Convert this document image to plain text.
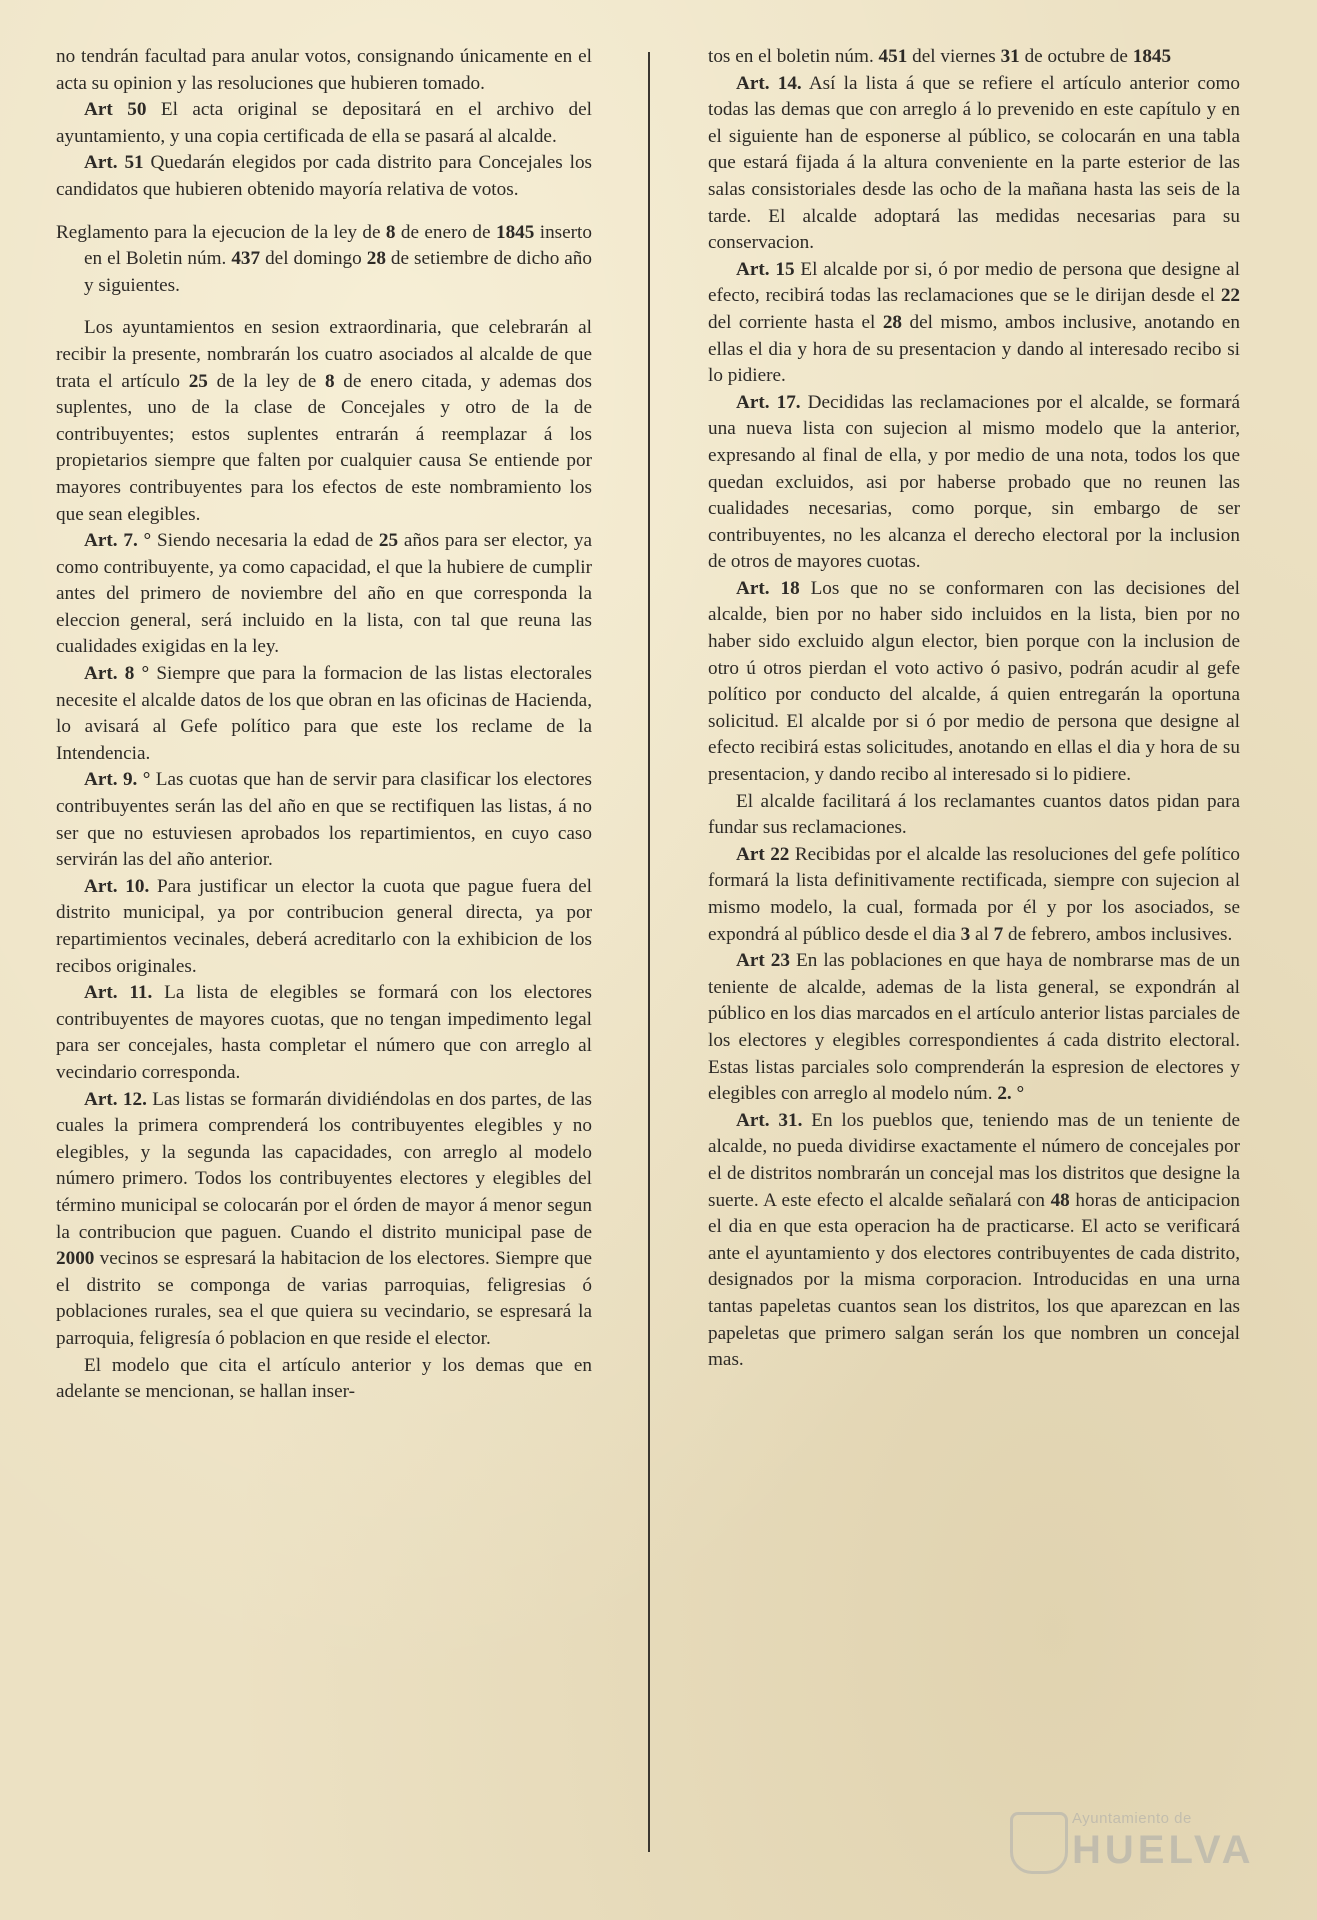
no tendrán facultad para anular votos, consignando únicamente en el acta su opinion y las resoluciones que hubieren tomado.

Art 50 El acta original se depositará en el archivo del ayuntamiento, y una copia certificada de ella se pasará al alcalde.

Art. 51 Quedarán elegidos por cada distrito para Concejales los candidatos que hubieren obtenido mayoría relativa de votos.

Reglamento para la ejecucion de la ley de 8 de enero de 1845 inserto en el Boletin núm. 437 del domingo 28 de setiembre de dicho año y siguientes.

Los ayuntamientos en sesion extraordinaria, que celebrarán al recibir la presente, nombrarán los cuatro asociados al alcalde de que trata el artículo 25 de la ley de 8 de enero citada, y ademas dos suplentes, uno de la clase de Concejales y otro de la de contribuyentes; estos suplentes entrarán á reemplazar á los propietarios siempre que falten por cualquier causa Se entiende por mayores contribuyentes para los efectos de este nombramiento los que sean elegibles.

Art. 7. ° Siendo necesaria la edad de 25 años para ser elector, ya como contribuyente, ya como capacidad, el que la hubiere de cumplir antes del primero de noviembre del año en que corresponda la eleccion general, será incluido en la lista, con tal que reuna las cualidades exigidas en la ley.

Art. 8 ° Siempre que para la formacion de las listas electorales necesite el alcalde datos de los que obran en las oficinas de Hacienda, lo avisará al Gefe político para que este los reclame de la Intendencia.

Art. 9. ° Las cuotas que han de servir para clasificar los electores contribuyentes serán las del año en que se rectifiquen las listas, á no ser que no estuviesen aprobados los repartimientos, en cuyo caso servirán las del año anterior.

Art. 10. Para justificar un elector la cuota que pague fuera del distrito municipal, ya por contribucion general directa, ya por repartimientos vecinales, deberá acreditarlo con la exhibicion de los recibos originales.

Art. 11. La lista de elegibles se formará con los electores contribuyentes de mayores cuotas, que no tengan impedimento legal para ser concejales, hasta completar el número que con arreglo al vecindario corresponda.

Art. 12. Las listas se formarán dividiéndolas en dos partes, de las cuales la primera comprenderá los contribuyentes elegibles y no elegibles, y la segunda las capacidades, con arreglo al modelo número primero. Todos los contribuyentes electores y elegibles del término municipal se colocarán por el órden de mayor á menor segun la contribucion que paguen. Cuando el distrito municipal pase de 2000 vecinos se espresará la habitacion de los electores. Siempre que el distrito se componga de varias parroquias, feligresias ó poblaciones rurales, sea el que quiera su vecindario, se espresará la parroquia, feligresía ó poblacion en que reside el elector.

El modelo que cita el artículo anterior y los demas que en adelante se mencionan, se hallan inser-

tos en el boletin núm. 451 del viernes 31 de octubre de 1845

Art. 14. Así la lista á que se refiere el artículo anterior como todas las demas que con arreglo á lo prevenido en este capítulo y en el siguiente han de esponerse al público, se colocarán en una tabla que estará fijada á la altura conveniente en la parte esterior de las salas consistoriales desde las ocho de la mañana hasta las seis de la tarde. El alcalde adoptará las medidas necesarias para su conservacion.

Art. 15 El alcalde por si, ó por medio de persona que designe al efecto, recibirá todas las reclamaciones que se le dirijan desde el 22 del corriente hasta el 28 del mismo, ambos inclusive, anotando en ellas el dia y hora de su presentacion y dando al interesado recibo si lo pidiere.

Art. 17. Decididas las reclamaciones por el alcalde, se formará una nueva lista con sujecion al mismo modelo que la anterior, expresando al final de ella, y por medio de una nota, todos los que quedan excluidos, asi por haberse probado que no reunen las cualidades necesarias, como porque, sin embargo de ser contribuyentes, no les alcanza el derecho electoral por la inclusion de otros de mayores cuotas.

Art. 18 Los que no se conformaren con las decisiones del alcalde, bien por no haber sido incluidos en la lista, bien por no haber sido excluido algun elector, bien porque con la inclusion de otro ú otros pierdan el voto activo ó pasivo, podrán acudir al gefe político por conducto del alcalde, á quien entregarán la oportuna solicitud. El alcalde por si ó por medio de persona que designe al efecto recibirá estas solicitudes, anotando en ellas el dia y hora de su presentacion, y dando recibo al interesado si lo pidiere.

El alcalde facilitará á los reclamantes cuantos datos pidan para fundar sus reclamaciones.

Art 22 Recibidas por el alcalde las resoluciones del gefe político formará la lista definitivamente rectificada, siempre con sujecion al mismo modelo, la cual, formada por él y por los asociados, se expondrá al público desde el dia 3 al 7 de febrero, ambos inclusives.

Art 23 En las poblaciones en que haya de nombrarse mas de un teniente de alcalde, ademas de la lista general, se expondrán al público en los dias marcados en el artículo anterior listas parciales de los electores y elegibles correspondientes á cada distrito electoral. Estas listas parciales solo comprenderán la espresion de electores y elegibles con arreglo al modelo núm. 2. °

Art. 31. En los pueblos que, teniendo mas de un teniente de alcalde, no pueda dividirse exactamente el número de concejales por el de distritos nombrarán un concejal mas los distritos que designe la suerte. A este efecto el alcalde señalará con 48 horas de anticipacion el dia en que esta operacion ha de practicarse. El acto se verificará ante el ayuntamiento y dos electores contribuyentes de cada distrito, designados por la misma corporacion. Introducidas en una urna tantas papeletas cuantos sean los distritos, los que aparezcan en las papeletas que primero salgan serán los que nombren un concejal mas.

Ayuntamiento de
HUELVA
